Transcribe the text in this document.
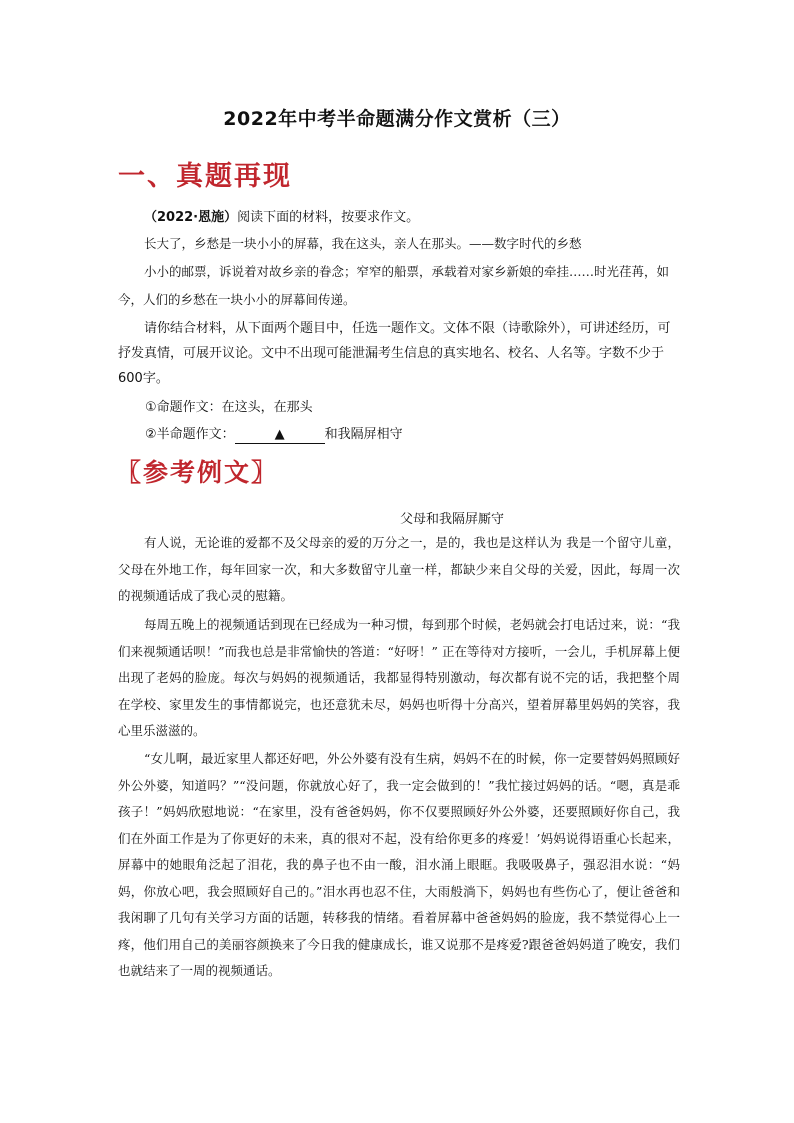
2022年中考半命题满分作文赏析（三）
一、真题再现
（2022·恩施）阅读下面的材料，按要求作文。
长大了，乡愁是一块小小的屏幕，我在这头，亲人在那头。——数字时代的乡愁
小小的邮票，诉说着对故乡亲的眷念；窄窄的船票，承载着对家乡新娘的牵挂……时光荏苒，如今，人们的乡愁在一块小小的屏幕间传递。
请你结合材料，从下面两个题目中，任选一题作文。文体不限（诗歌除外），可讲述经历，可抒发真情，可展开议论。文中不出现可能泄漏考生信息的真实地名、校名、人名等。字数不少于600字。
①命题作文：在这头，在那头
②半命题作文：	▲	和我隔屏相守
〖参考例文〗
父母和我隔屏厮守
有人说，无论谁的爱都不及父母亲的爱的万分之一，是的，我也是这样认为 我是一个留守儿童，父母在外地工作，每年回家一次，和大多数留守儿童一样，都缺少来自父母的关爱，因此，每周一次的视频通话成了我心灵的慰籍。
每周五晚上的视频通话到现在已经成为一种习惯，每到那个时候，老妈就会打电话过来，说：“我们来视频通话呗！”而我也总是非常愉快的答道：“好呀！” 正在等待对方接听，一会儿，手机屏幕上便出现了老妈的脸庞。每次与妈妈的视频通话，我都显得特别激动，每次都有说不完的话，我把整个周在学校、家里发生的事情都说完，也还意犹未尽，妈妈也听得十分高兴，望着屏幕里妈妈的笑容，我心里乐滋滋的。
“女儿啊，最近家里人都还好吧，外公外婆有没有生病，妈妈不在的时候，你一定要替妈妈照顾好外公外婆，知道吗？”“没问题，你就放心好了，我一定会做到的！”我忙接过妈妈的话。“嗯，真是乖孩子！”妈妈欣慰地说：“在家里，没有爸爸妈妈，你不仅要照顾好外公外婆，还要照顾好你自己，我们在外面工作是为了你更好的未来，真的很对不起，没有给你更多的疼爱！’妈妈说得语重心长起来，屏幕中的她眼角泛起了泪花，我的鼻子也不由一酸，泪水涌上眼眶。我吸吸鼻子，强忍泪水说：“妈妈，你放心吧，我会照顾好自己的。”泪水再也忍不住，大雨般淌下，妈妈也有些伤心了，便让爸爸和我闲聊了几句有关学习方面的话题，转移我的情绪。看着屏幕中爸爸妈妈的脸庞，我不禁觉得心上一疼，他们用自己的美丽容颜换来了今日我的健康成长，谁又说那不是疼爱?跟爸爸妈妈道了晚安，我们也就结来了一周的视频通话。
